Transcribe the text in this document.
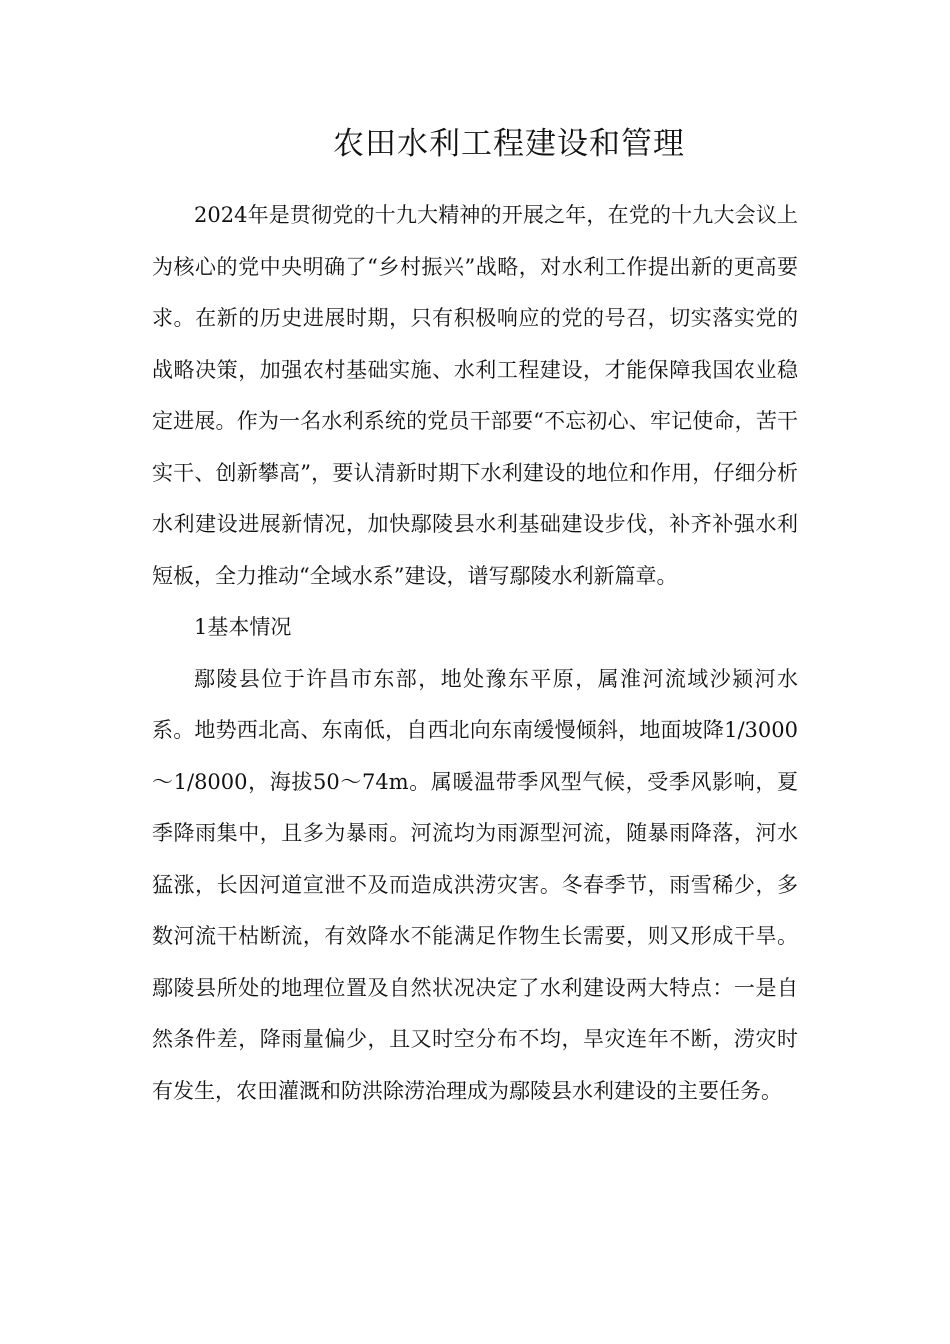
农田水利工程建设和管理

2024年是贯彻党的十九大精神的开展之年，在党的十九大会议上为核心的党中央明确了“乡村振兴”战略，对水利工作提出新的更高要求。在新的历史进展时期，只有积极响应的党的号召，切实落实党的战略决策，加强农村基础实施、水利工程建设，才能保障我国农业稳定进展。作为一名水利系统的党员干部要“不忘初心、牢记使命，苦干实干、创新攀高”，要认清新时期下水利建设的地位和作用，仔细分析水利建设进展新情况，加快鄢陵县水利基础建设步伐，补齐补强水利短板，全力推动“全域水系”建设，谱写鄢陵水利新篇章。

1基本情况

鄢陵县位于许昌市东部，地处豫东平原，属淮河流域沙颍河水系。地势西北高、东南低，自西北向东南缓慢倾斜，地面坡降1/3000～1/8000，海拔50～74m。属暖温带季风型气候，受季风影响，夏季降雨集中，且多为暴雨。河流均为雨源型河流，随暴雨降落，河水猛涨，长因河道宣泄不及而造成洪涝灾害。冬春季节，雨雪稀少，多数河流干枯断流，有效降水不能满足作物生长需要，则又形成干旱。鄢陵县所处的地理位置及自然状况决定了水利建设两大特点：一是自然条件差，降雨量偏少，且又时空分布不均，旱灾连年不断，涝灾时有发生，农田灌溉和防洪除涝治理成为鄢陵县水利建设的主要任务。
